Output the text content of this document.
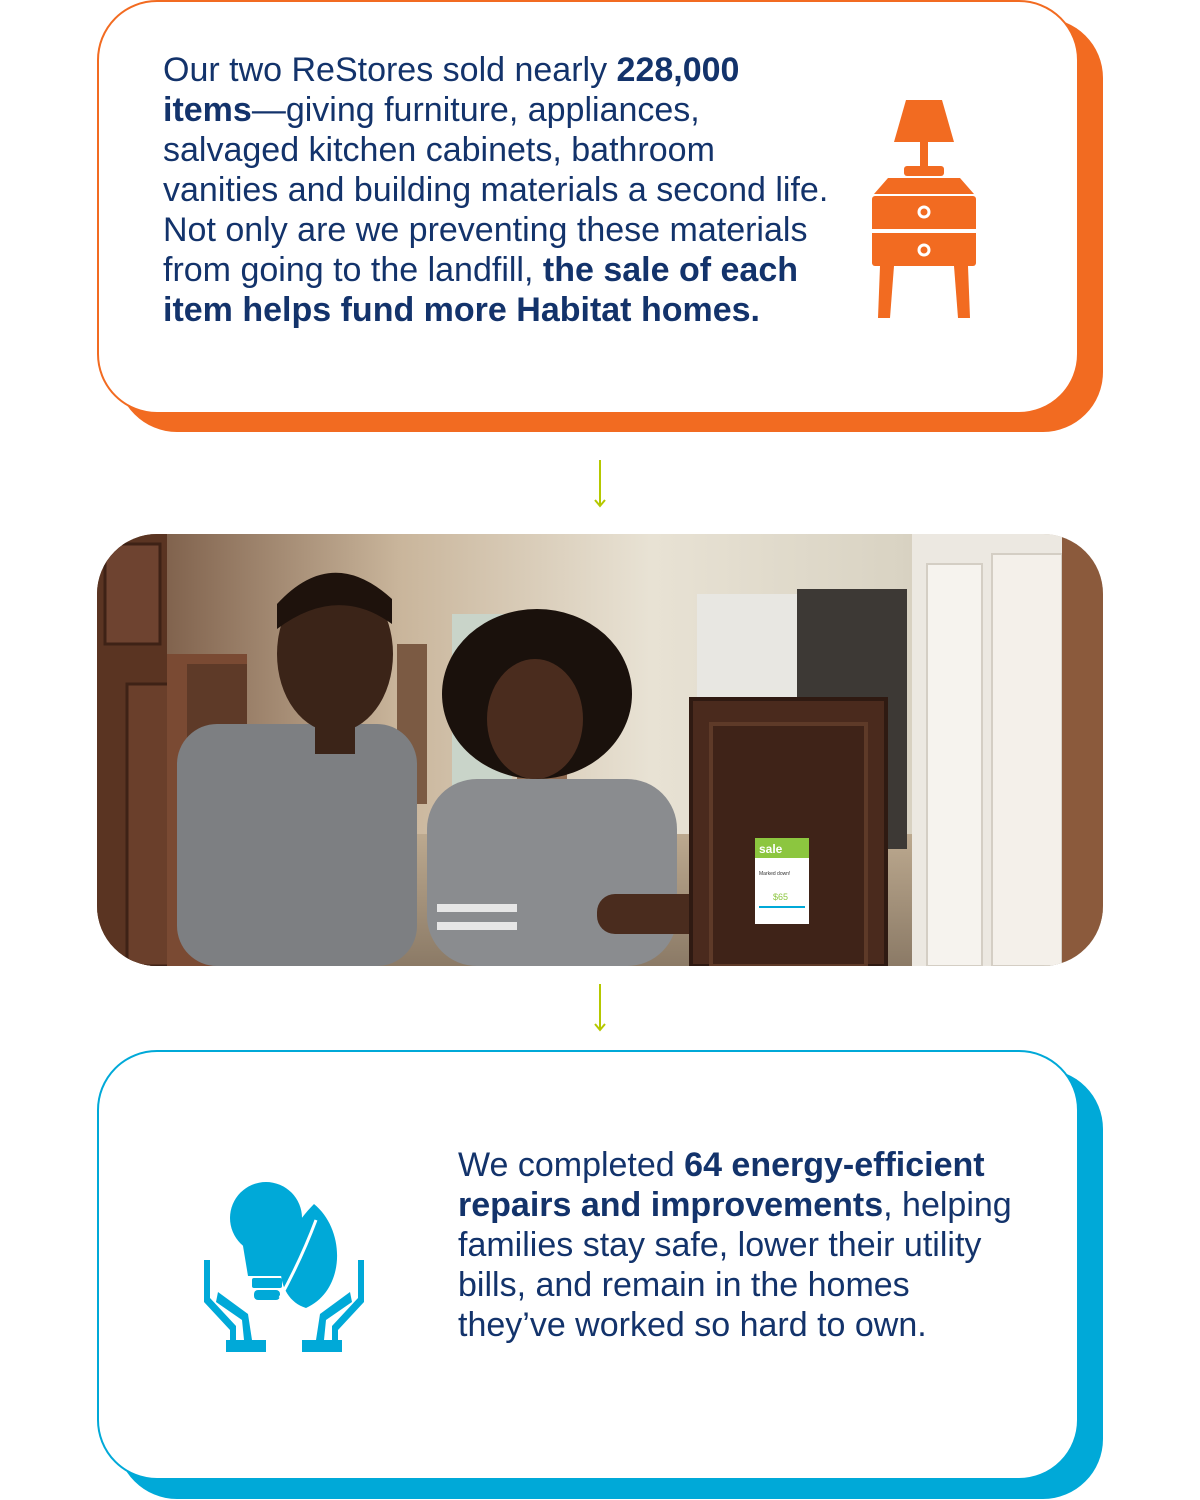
Our two ReStores sold nearly 228,000 items—giving furniture, appliances, salvaged kitchen cabinets, bathroom vanities and building materials a second life. Not only are we preventing these materials from going to the landfill, the sale of each item helps fund more Habitat homes.
sale
Marked down!
$65
We completed 64 energy-efficient repairs and improvements, helping families stay safe, lower their utility bills, and remain in the homes they’ve worked so hard to own.
